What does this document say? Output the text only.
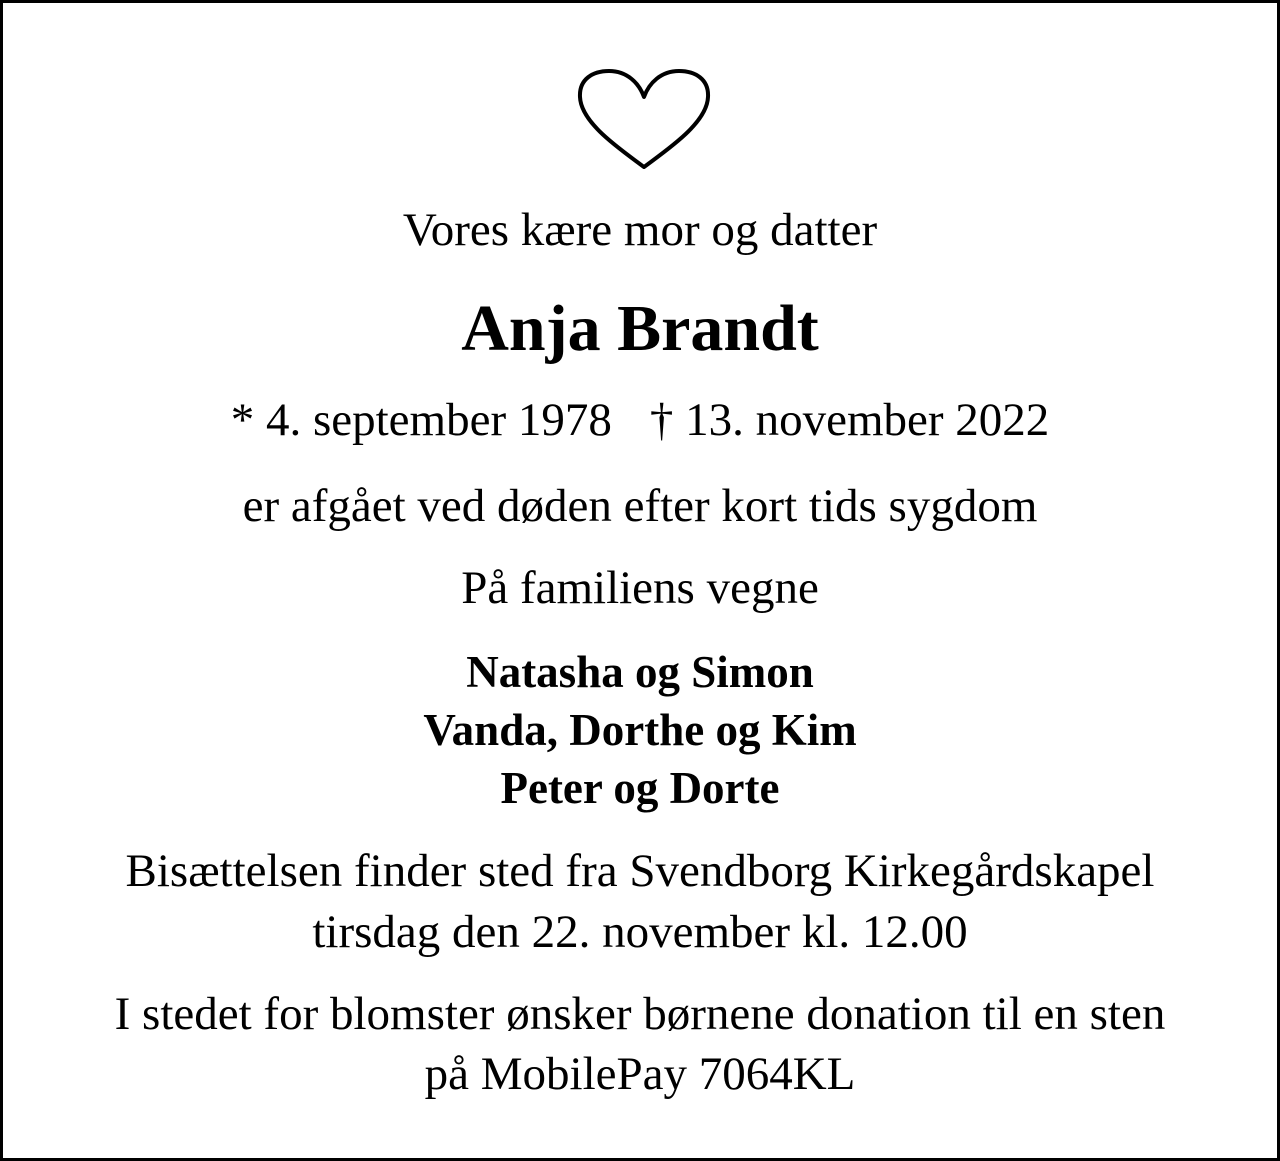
Vores kære mor og datter
Anja Brandt
* 4. september 1978 † 13. november 2022
er afgået ved døden efter kort tids sygdom
På familiens vegne
Natasha og Simon
Vanda, Dorthe og Kim
Peter og Dorte
Bisættelsen finder sted fra Svendborg Kirkegårdskapel
tirsdag den 22. november kl. 12.00
I stedet for blomster ønsker børnene donation til en sten
på MobilePay 7064KL
